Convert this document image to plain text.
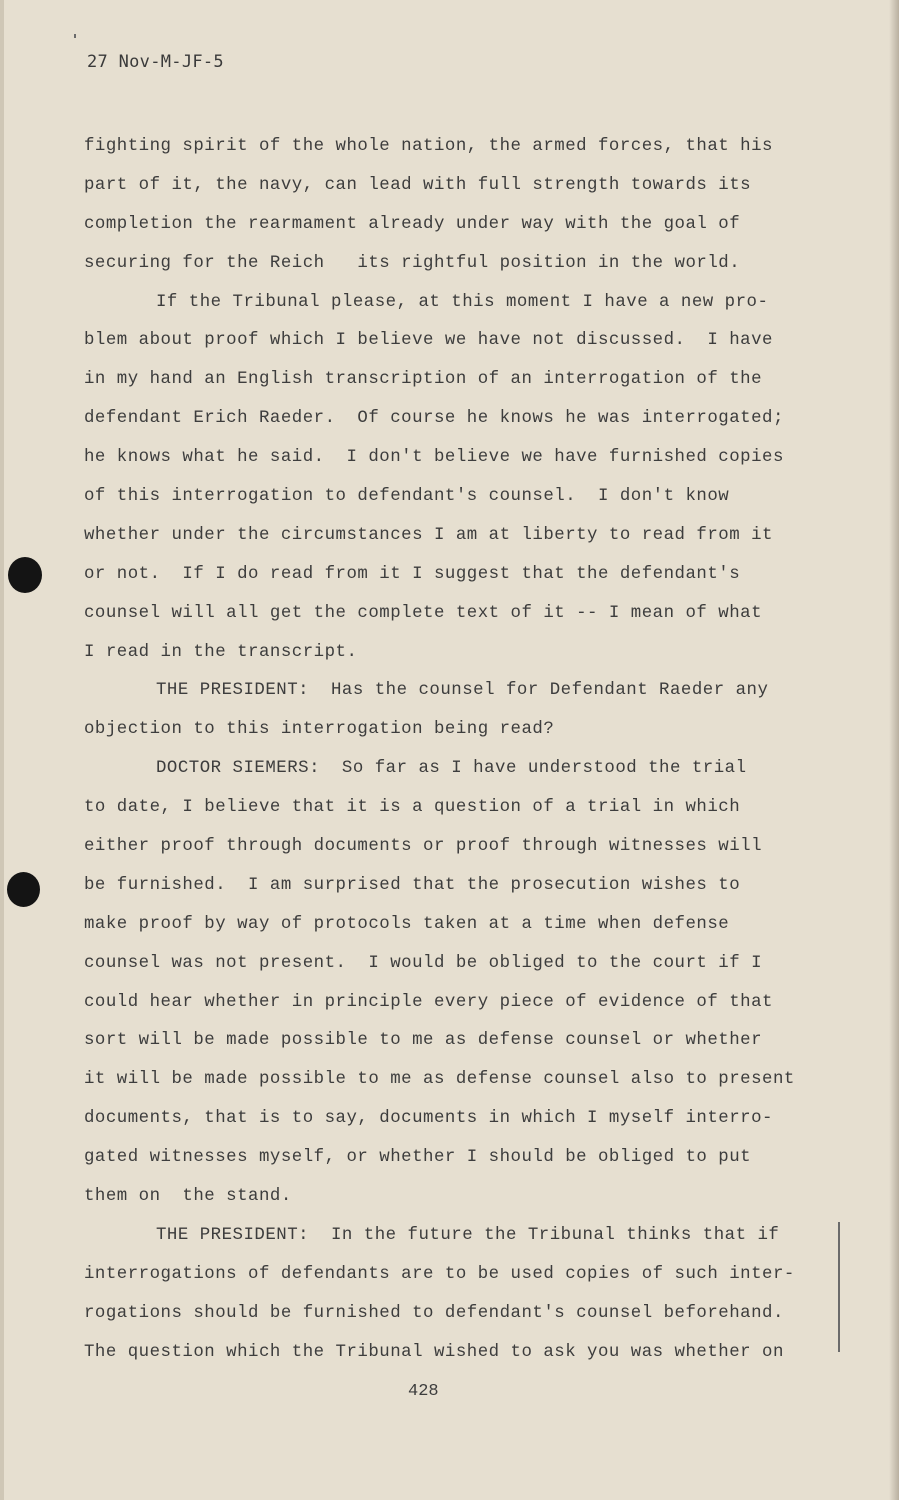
27 Nov-M-JF-5
fighting spirit of the whole nation, the armed forces, that his
part of it, the navy, can lead with full strength towards its
completion the rearmament already under way with the goal of
securing for the Reich   its rightful position in the world.
If the Tribunal please, at this moment I have a new pro-
blem about proof which I believe we have not discussed.  I have
in my hand an English transcription of an interrogation of the
defendant Erich Raeder.  Of course he knows he was interrogated;
he knows what he said.  I don't believe we have furnished copies
of this interrogation to defendant's counsel.  I don't know
whether under the circumstances I am at liberty to read from it
or not.  If I do read from it I suggest that the defendant's
counsel will all get the complete text of it -- I mean of what
I read in the transcript.
THE PRESIDENT:  Has the counsel for Defendant Raeder any
objection to this interrogation being read?
DOCTOR SIEMERS:  So far as I have understood the trial
to date, I believe that it is a question of a trial in which
either proof through documents or proof through witnesses will
be furnished.  I am surprised that the prosecution wishes to
make proof by way of protocols taken at a time when defense
counsel was not present.  I would be obliged to the court if I
could hear whether in principle every piece of evidence of that
sort will be made possible to me as defense counsel or whether
it will be made possible to me as defense counsel also to present
documents, that is to say, documents in which I myself interro-
gated witnesses myself, or whether I should be obliged to put
them on  the stand.
THE PRESIDENT:  In the future the Tribunal thinks that if
interrogations of defendants are to be used copies of such inter-
rogations should be furnished to defendant's counsel beforehand.
The question which the Tribunal wished to ask you was whether on
428
